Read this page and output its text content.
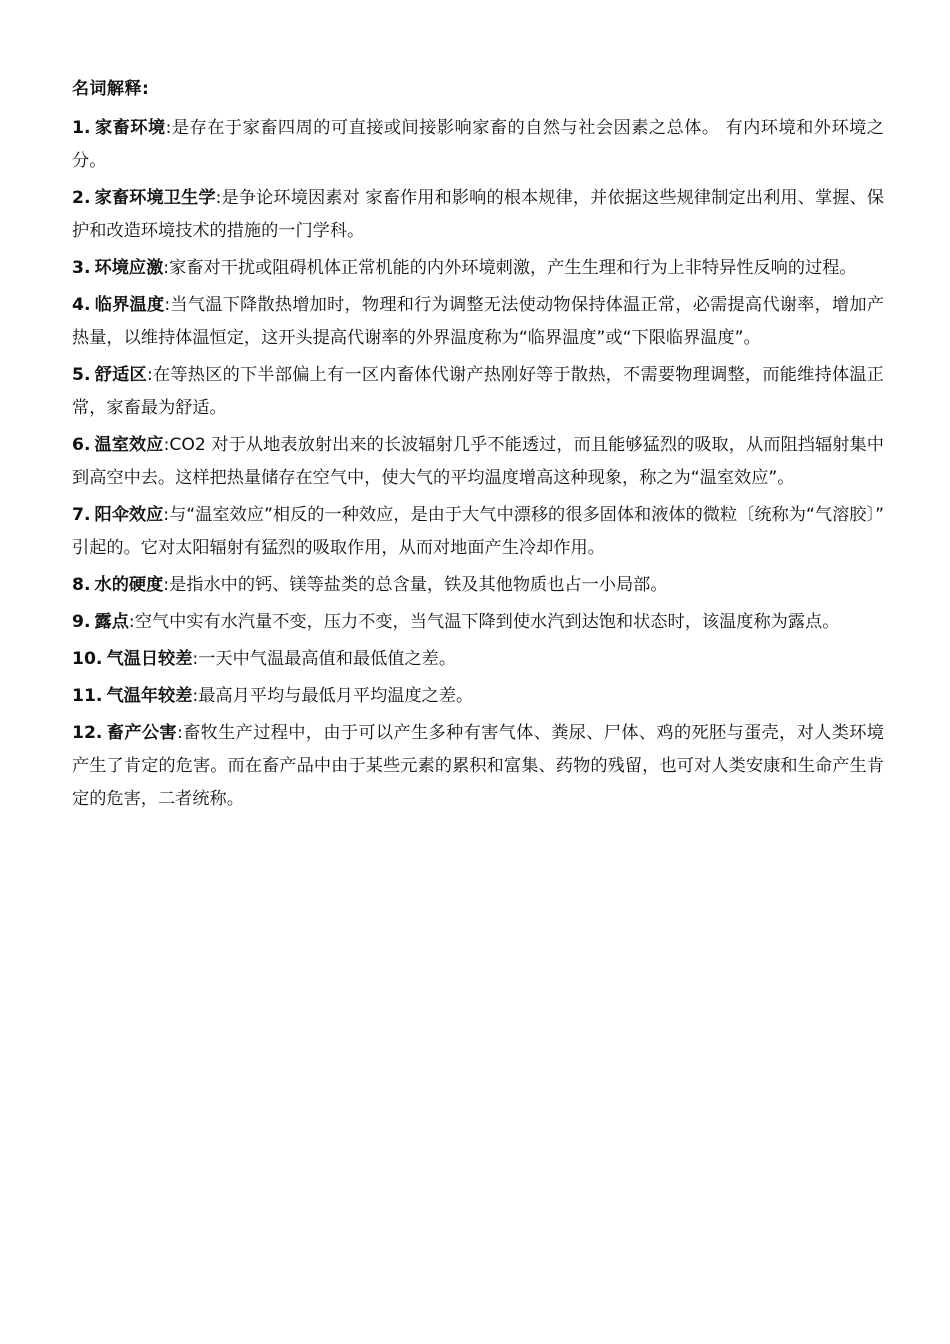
名词解释:

1. 家畜环境:是存在于家畜四周的可直接或间接影响家畜的自然与社会因素之总体。 有内环境和外环境之分。

2. 家畜环境卫生学:是争论环境因素对 家畜作用和影响的根本规律，并依据这些规律制定出利用、掌握、保护和改造环境技术的措施的一门学科。

3. 环境应激:家畜对干扰或阻碍机体正常机能的内外环境刺激，产生生理和行为上非特异性反响的过程。

4. 临界温度:当气温下降散热增加时，物理和行为调整无法使动物保持体温正常，必需提高代谢率，增加产热量，以维持体温恒定，这开头提高代谢率的外界温度称为“临界温度”或“下限临界温度”。

5. 舒适区:在等热区的下半部偏上有一区内畜体代谢产热刚好等于散热，不需要物理调整，而能维持体温正常，家畜最为舒适。

6. 温室效应:CO2 对于从地表放射出来的长波辐射几乎不能透过，而且能够猛烈的吸取，从而阻挡辐射集中到高空中去。这样把热量储存在空气中，使大气的平均温度增高这种现象，称之为“温室效应”。

7. 阳伞效应:与“温室效应”相反的一种效应，是由于大气中漂移的很多固体和液体的微粒〔统称为“气溶胶〕” 引起的。它对太阳辐射有猛烈的吸取作用，从而对地面产生冷却作用。

8. 水的硬度:是指水中的钙、镁等盐类的总含量，铁及其他物质也占一小局部。

9. 露点:空气中实有水汽量不变，压力不变，当气温下降到使水汽到达饱和状态时，该温度称为露点。

10. 气温日较差:一天中气温最高值和最低值之差。

11. 气温年较差:最高月平均与最低月平均温度之差。

12. 畜产公害:畜牧生产过程中，由于可以产生多种有害气体、粪尿、尸体、鸡的死胚与蛋壳，对人类环境产生了肯定的危害。而在畜产品中由于某些元素的累积和富集、药物的残留，也可对人类安康和生命产生肯定的危害，二者统称。
